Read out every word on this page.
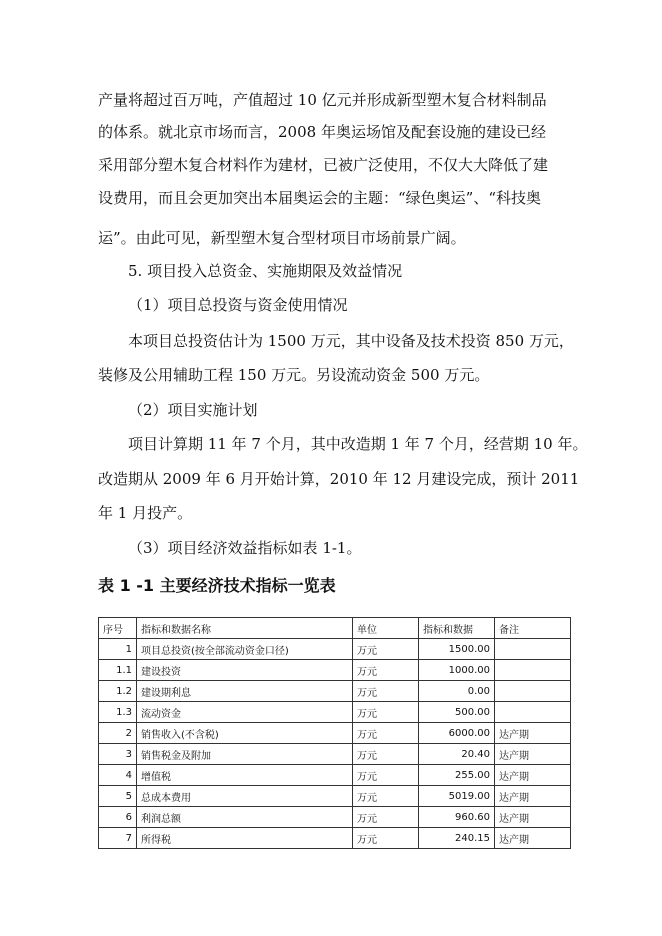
产量将超过百万吨，产值超过 10 亿元并形成新型塑木复合材料制品
的体系。就北京市场而言，2008 年奥运场馆及配套设施的建设已经
采用部分塑木复合材料作为建材，已被广泛使用，不仅大大降低了建
设费用，而且会更加突出本届奥运会的主题：“绿色奥运”、“科技奥
运”。由此可见，新型塑木复合型材项目市场前景广阔。
5. 项目投入总资金、实施期限及效益情况
（1）项目总投资与资金使用情况
本项目总投资估计为 1500 万元，其中设备及技术投资 850 万元，
装修及公用辅助工程 150 万元。另设流动资金 500 万元。
（2）项目实施计划
项目计算期 11 年 7 个月，其中改造期 1 年 7 个月，经营期 10 年。
改造期从 2009 年 6 月开始计算，2010 年 12 月建设完成，预计 2011
年 1 月投产。
（3）项目经济效益指标如表 1-1。
表 1 -1 主要经济技术指标一览表
序号	指标和数据名称	单位	指标和数据	备注
1	项目总投资(按全部流动资金口径)	万元	1500.00	
1.1	建设投资	万元	1000.00	
1.2	建设期利息	万元	0.00	
1.3	流动资金	万元	500.00	
2	销售收入(不含税)	万元	6000.00	达产期
3	销售税金及附加	万元	20.40	达产期
4	增值税	万元	255.00	达产期
5	总成本费用	万元	5019.00	达产期
6	利润总额	万元	960.60	达产期
7	所得税	万元	240.15	达产期
